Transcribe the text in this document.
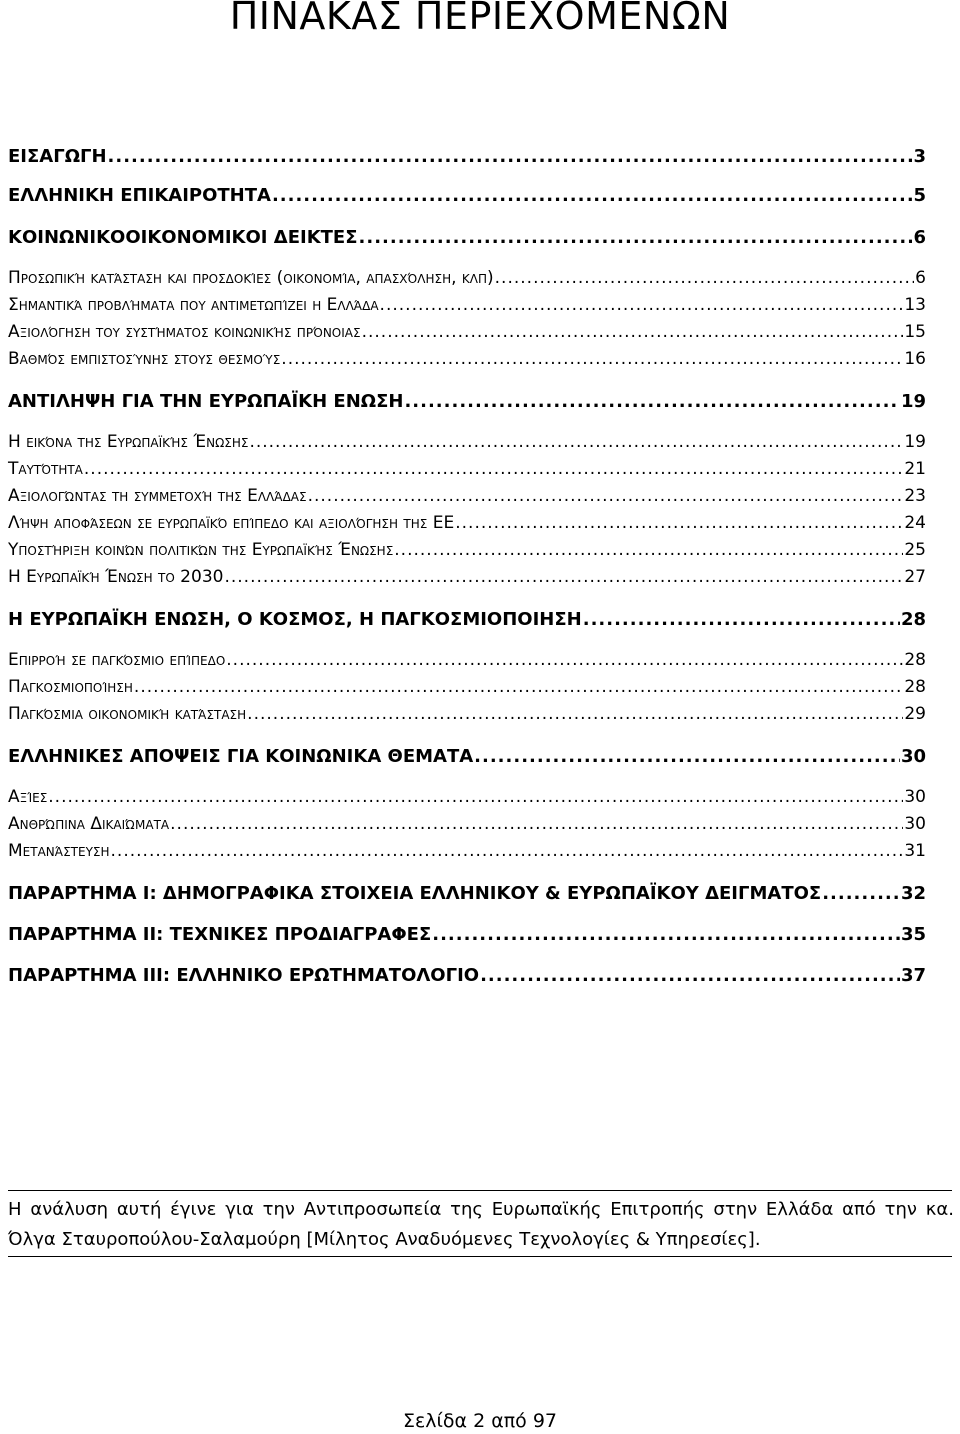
ΠΙΝΑΚΑΣ ΠΕΡΙΕΧΟΜΕΝΩΝ
ΕΙΣΑΓΩΓΗ .....	3
ΕΛΛΗΝΙΚΗ ΕΠΙΚΑΙΡΟΤΗΤΑ .....	5
ΚΟΙΝΩΝΙΚΟΟΙΚΟΝΟΜΙΚΟΙ ΔΕΙΚΤΕΣ .....	6
Προσωπική κατάσταση και προσδοκίες (οικονομία, απασχόληση, κλπ) .....	6
Σημαντικά προβλήματα που αντιμετωπίζει η Ελλάδα .....	13
Αξιολόγηση του συστήματος κοινωνικής πρόνοιας .....	15
Βαθμός εμπιστοσύνης στους θεσμούς .....	16
ΑΝΤΙΛΗΨΗ ΓΙΑ ΤΗΝ ΕΥΡΩΠΑΪΚΗ ΕΝΩΣΗ .....	19
Η εικόνα της Ευρωπαϊκής Ένωσης .....	19
Ταυτότητα .....	21
Αξιολογώντας τη συμμετοχή της Ελλάδας .....	23
Λήψη αποφάσεων σε ευρωπαϊκό επίπεδο και αξιολόγηση της ΕΕ .....	24
Υποστήριξη κοινών πολιτικών της Ευρωπαϊκής Ένωσης .....	25
Η Ευρωπαϊκή Ένωση το 2030 .....	27
Η ΕΥΡΩΠΑΪΚΗ ΕΝΩΣΗ, Ο ΚΟΣΜΟΣ, Η ΠΑΓΚΟΣΜΙΟΠΟΙΗΣΗ .....	28
Επιρροή σε παγκόσμιο επίπεδο .....	28
Παγκοσμιοποίηση .....	28
Παγκόσμια οικονομική κατάσταση .....	29
ΕΛΛΗΝΙΚΕΣ ΑΠΟΨΕΙΣ ΓΙΑ ΚΟΙΝΩΝΙΚΑ ΘΕΜΑΤΑ .....	30
Αξίες .....	30
Ανθρώπινα Δικαιώματα .....	30
Μετανάστευση .....	31
ΠΑΡΑΡΤΗΜΑ Ι: ΔΗΜΟΓΡΑΦΙΚΑ ΣΤΟΙΧΕΙΑ ΕΛΛΗΝΙΚΟΥ & ΕΥΡΩΠΑΪΚΟΥ ΔΕΙΓΜΑΤΟΣ .....	32
ΠΑΡΑΡΤΗΜΑ ΙΙ: ΤΕΧΝΙΚΕΣ ΠΡΟΔΙΑΓΡΑΦΕΣ .....	35
ΠΑΡΑΡΤΗΜΑ ΙΙΙ: ΕΛΛΗΝΙΚΟ ΕΡΩΤΗΜΑΤΟΛΟΓΙΟ .....	37

Η ανάλυση αυτή έγινε για την Αντιπροσωπεία της Ευρωπαϊκής Επιτροπής στην Ελλάδα από την κα. Όλγα Σταυροπούλου-Σαλαμούρη [Μίλητος Αναδυόμενες Τεχνολογίες & Υπηρεσίες].

Σελίδα 2 από 97
